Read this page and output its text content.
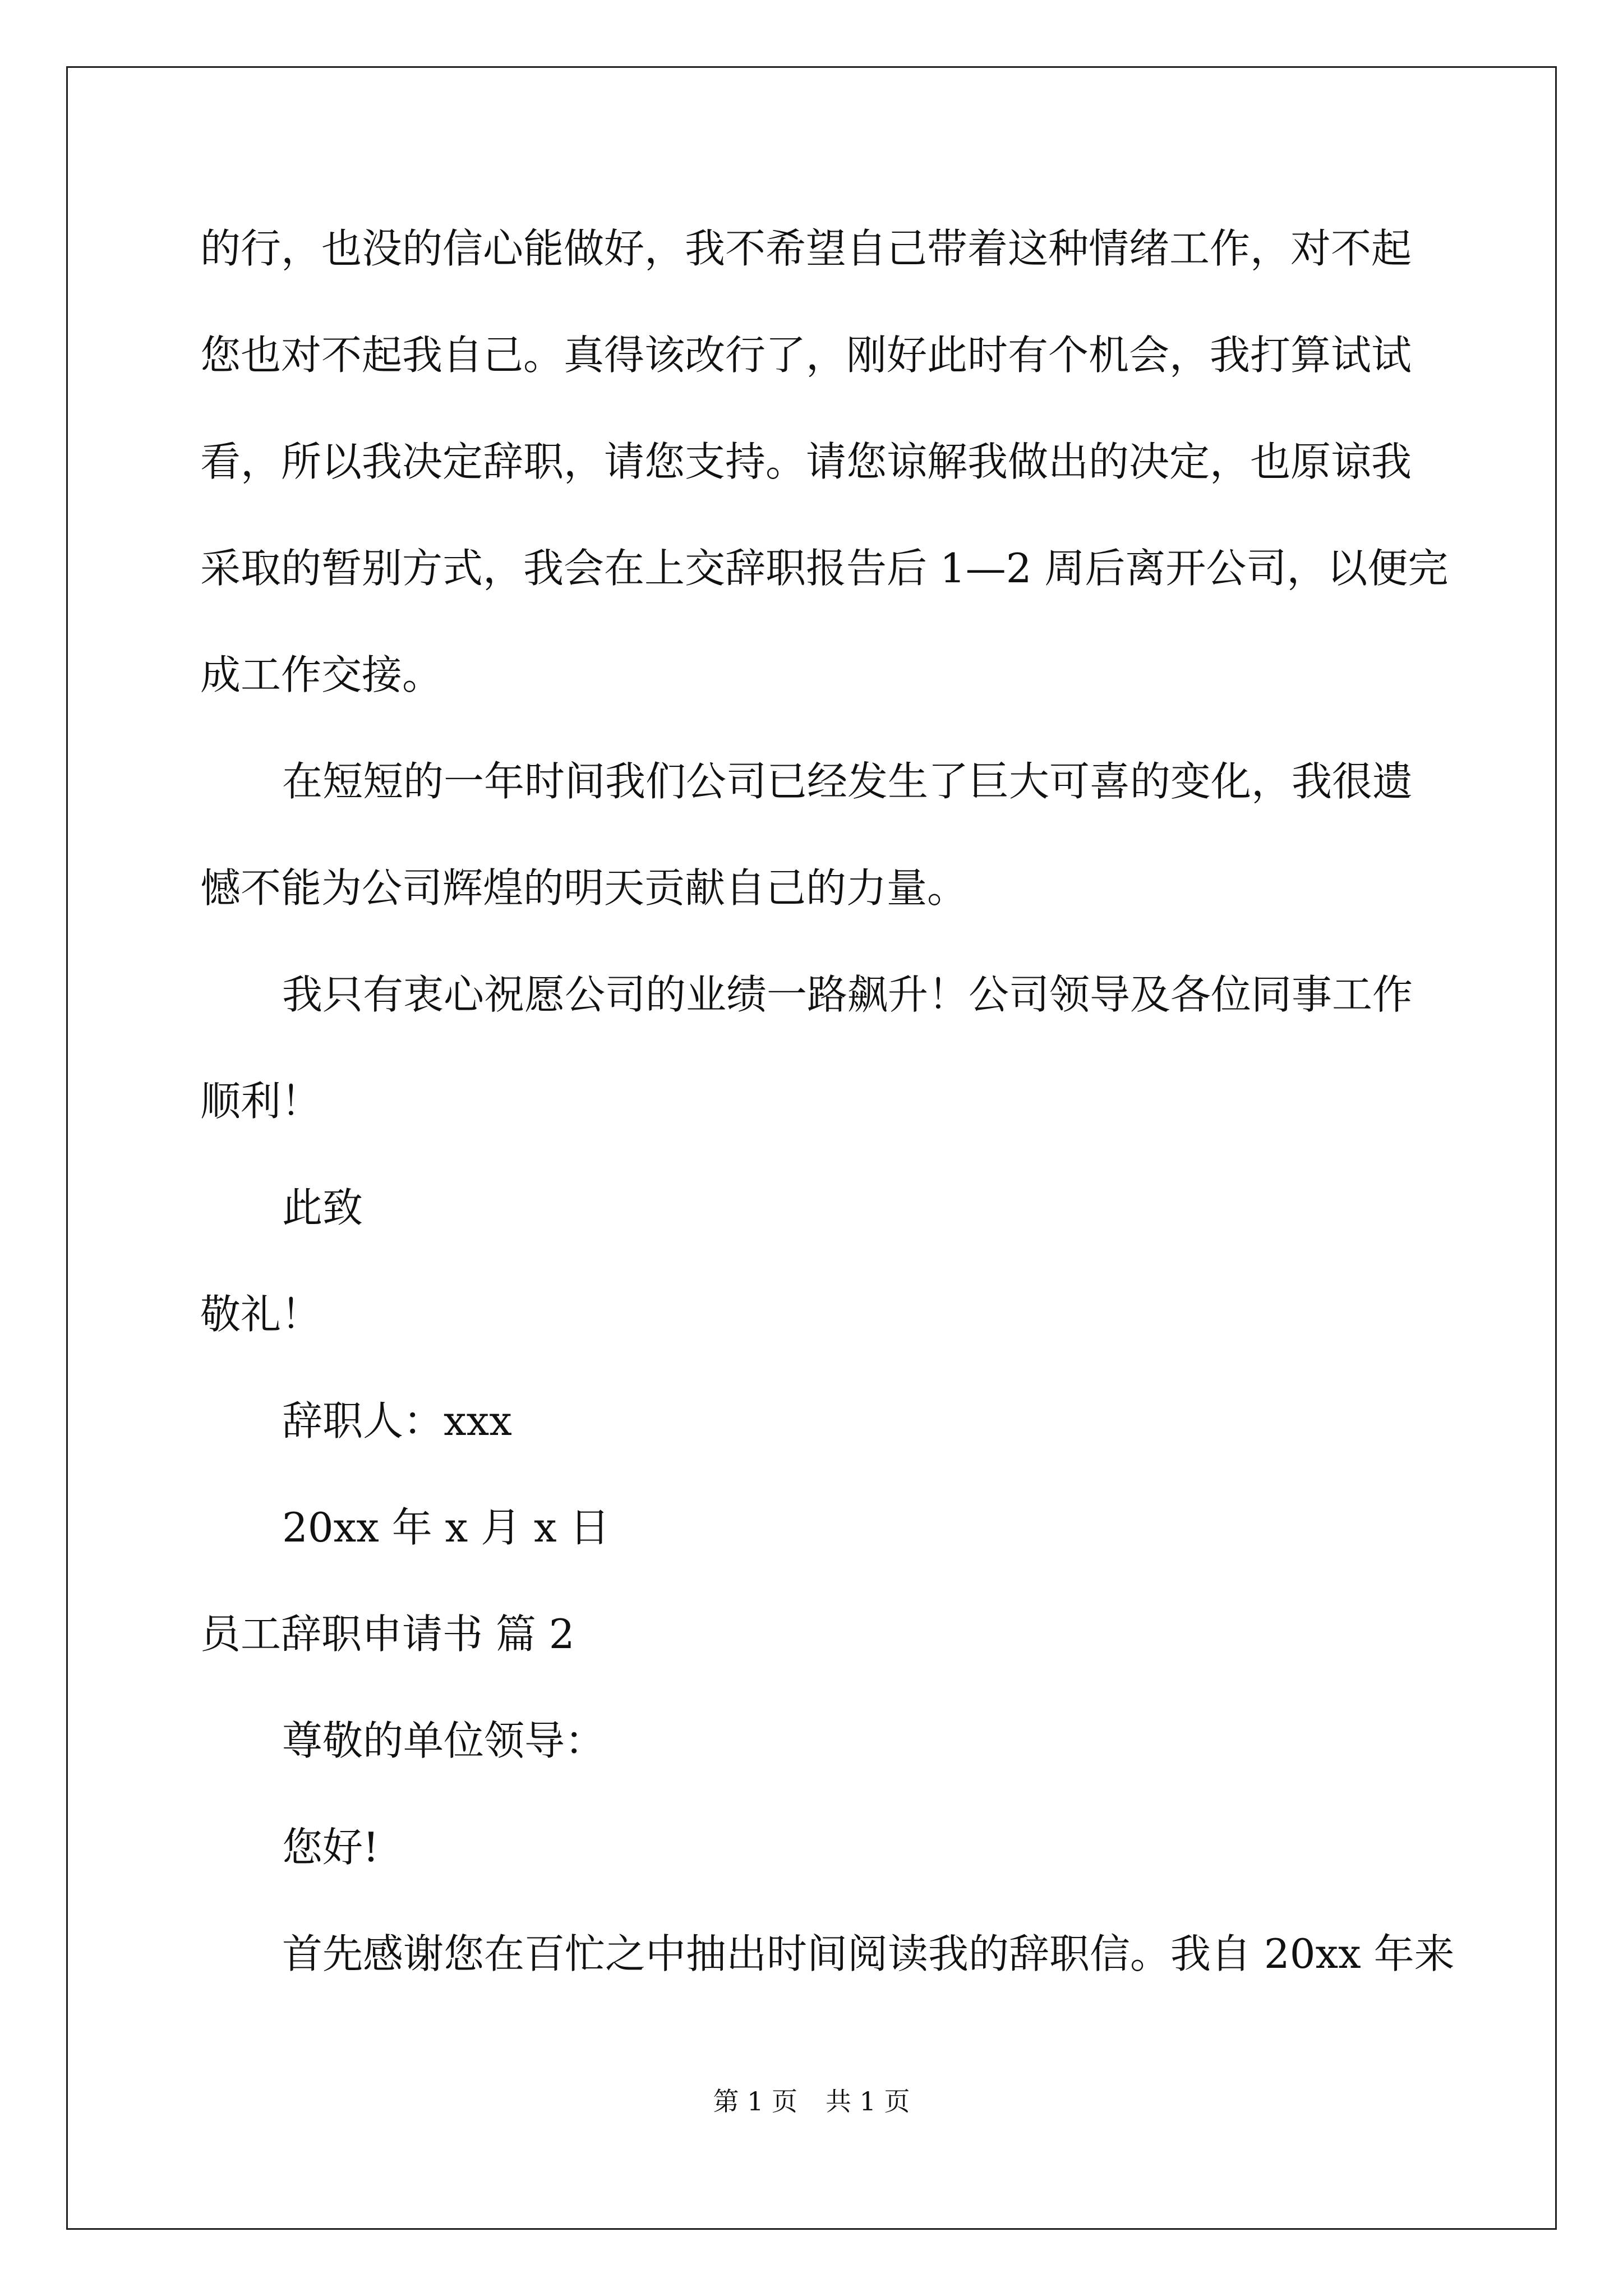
的行，也没的信心能做好，我不希望自己带着这种情绪工作，对不起
您也对不起我自己。真得该改行了，刚好此时有个机会，我打算试试
看，所以我决定辞职，请您支持。请您谅解我做出的决定，也原谅我
采取的暂别方式，我会在上交辞职报告后 1—2 周后离开公司，以便完
成工作交接。
在短短的一年时间我们公司已经发生了巨大可喜的变化，我很遗
憾不能为公司辉煌的明天贡献自己的力量。
我只有衷心祝愿公司的业绩一路飙升！公司领导及各位同事工作
顺利！
此致
敬礼！
辞职人：xxx
20xx 年 x 月 x 日
员工辞职申请书 篇 2
尊敬的单位领导：
您好!
首先感谢您在百忙之中抽出时间阅读我的辞职信。我自 20xx 年来
第 1 页 共 1 页
